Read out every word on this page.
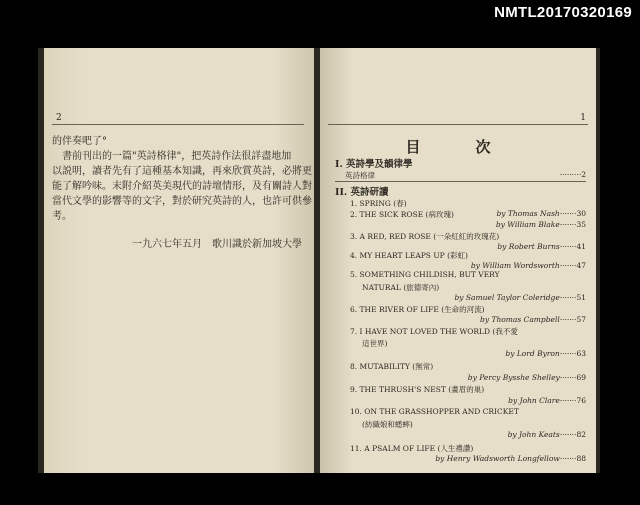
NMTL20170320169
2
的伴奏吧了°
　書前刊出的一篇"英詩格律"，把英詩作法很詳盡地加
以説明，讀者先有了這種基本知識，再來欣賞英詩，必將更
能了解吟味。末附介紹英美現代的詩壇情形，及有關詩人對
當代文學的影響等的文字，對於研究英詩的人，也許可供參
考。
一九六七年五月　歌川識於新加坡大學
1
目　次
I. 英詩學及韻律學
英詩格律	·········2
II. 英詩研讀
1. SPRING (春)
by Thomas Nash·······30
2. THE SICK ROSE (病玫瑰)
by William Blake·······35
3. A RED, RED ROSE (一朵紅紅的玫瑰花)
by Robert Burns·······41
4. MY HEART LEAPS UP (彩虹)
by William Wordsworth·······47
5. SOMETHING CHILDISH, BUT VERY
NATURAL (旅德寄內)
by Samuel Taylor Coleridge·······51
6. THE RIVER OF LIFE (生命的河流)
by Thomas Campbell·······57
7. I HAVE NOT LOVED THE WORLD (我不愛
這世界)
by Lord Byron·······63
8. MUTABILITY (無常)
by Percy Bysshe Shelley·······69
9. THE THRUSH'S NEST (畫眉的巢)
by John Clare·······76
10. ON THE GRASSHOPPER AND CRICKET
(紡織娘和蟋蟀)
by John Keats·······82
11. A PSALM OF LIFE (人生禮讚)
by Henry Wadsworth Longfellow·······88
